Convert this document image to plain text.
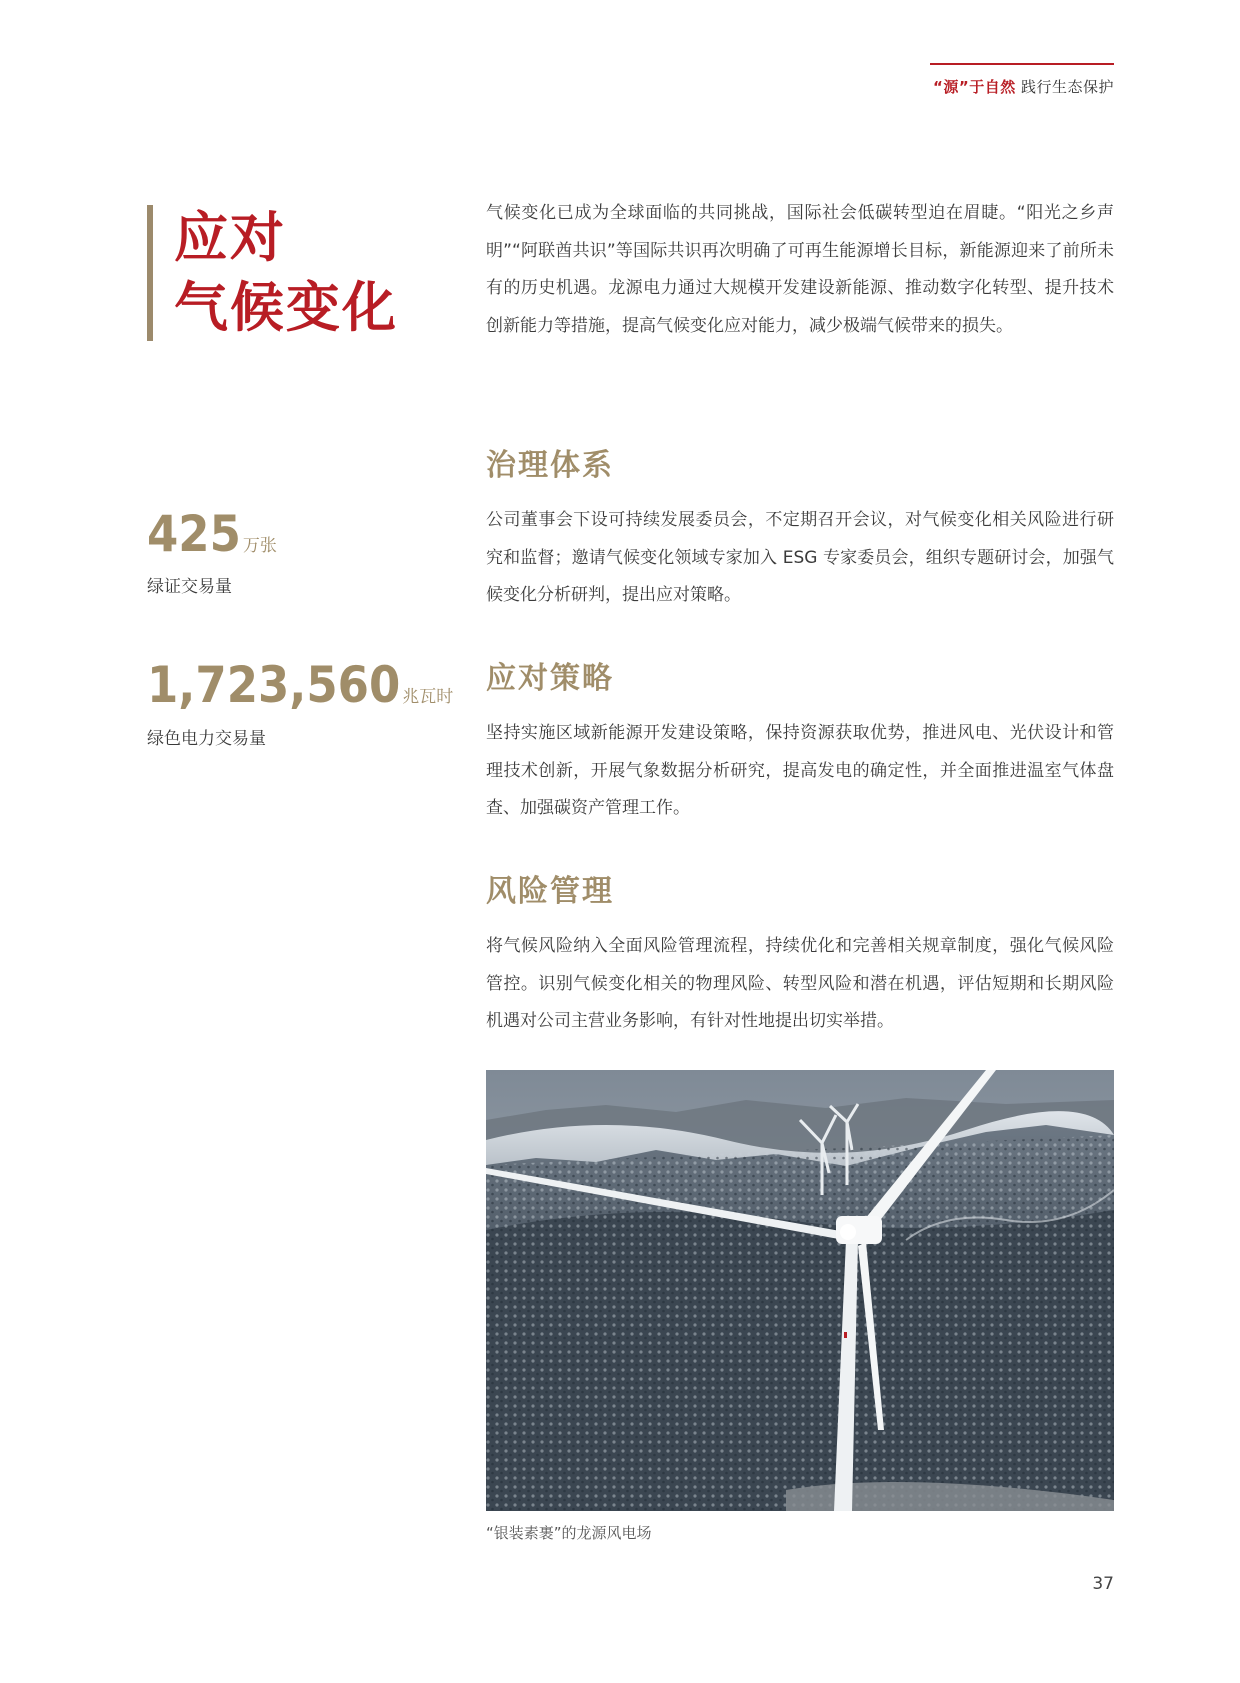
“源”于自然 践行生态保护
应对
气候变化
气候变化已成为全球面临的共同挑战，国际社会低碳转型迫在眉睫。“阳光之乡声明”“阿联酋共识”等国际共识再次明确了可再生能源增长目标，新能源迎来了前所未有的历史机遇。龙源电力通过大规模开发建设新能源、推动数字化转型、提升技术创新能力等措施，提高气候变化应对能力，减少极端气候带来的损失。
425 万张
绿证交易量
1,723,560 兆瓦时
绿色电力交易量
治理体系
公司董事会下设可持续发展委员会，不定期召开会议，对气候变化相关风险进行研究和监督；邀请气候变化领域专家加入 ESG 专家委员会，组织专题研讨会，加强气候变化分析研判，提出应对策略。
应对策略
坚持实施区域新能源开发建设策略，保持资源获取优势，推进风电、光伏设计和管理技术创新，开展气象数据分析研究，提高发电的确定性，并全面推进温室气体盘查、加强碳资产管理工作。
风险管理
将气候风险纳入全面风险管理流程，持续优化和完善相关规章制度，强化气候风险管控。识别气候变化相关的物理风险、转型风险和潜在机遇，评估短期和长期风险机遇对公司主营业务影响，有针对性地提出切实举措。
“银装素裹”的龙源风电场
37
